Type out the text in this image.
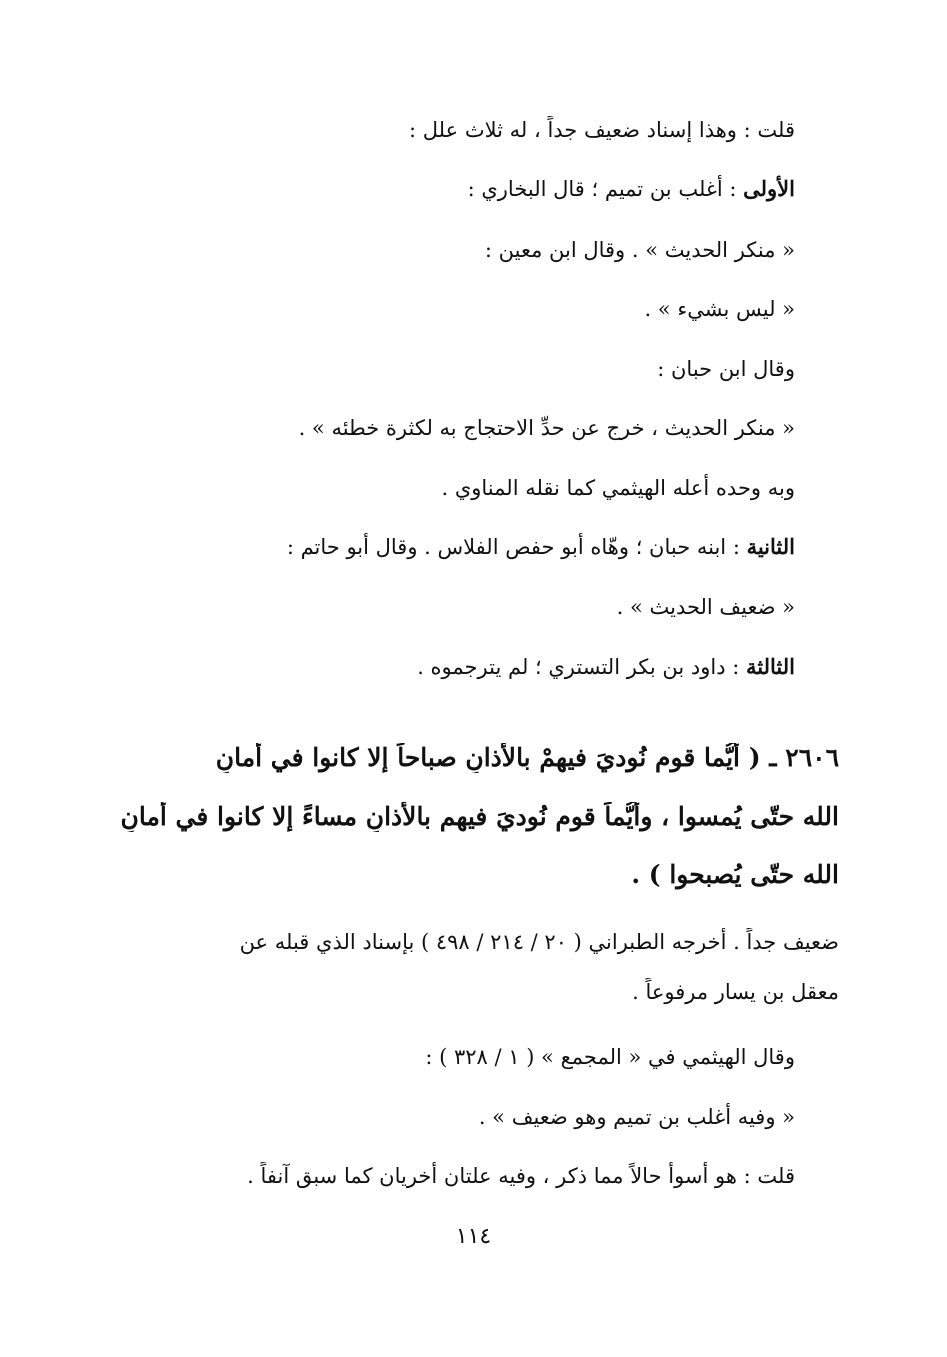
قلت : وهذا إسناد ضعيف جداً ، له ثلاث علل :
الأولى : أغلب بن تميم ؛ قال البخاري :
« منكر الحديث » . وقال ابن معين :
« ليس بشيء » .
وقال ابن حبان :
« منكر الحديث ، خرج عن حدِّ الاحتجاج به لكثرة خطئه » .
وبه وحده أعله الهيثمي كما نقله المناوي .
الثانية : ابنه حبان ؛ وهّاه أبو حفص الفلاس . وقال أبو حاتم :
« ضعيف الحديث » .
الثالثة : داود بن بكر التستري ؛ لم يترجموه .
٢٦٠٦ ـ ( أَيُّما قومٍ نُوديَ فيهِمْ بالأذانِ صباحاً إلا كانوا في أمانِ
الله حتّى يُمسوا ، وأيُّماً قومٍ نُوديَ فيهِم بالأذانِ مساءً إلا كانوا في أمانِ
الله حتّى يُصبحوا ) .
ضعيف جداً . أخرجه الطبراني ( ٢٠ / ٢١٤ / ٤٩٨ ) بإسناد الذي قبله عن
معقل بن يسار مرفوعاً .
وقال الهيثمي في « المجمع » ( ١ / ٣٢٨ ) :
« وفيه أغلب بن تميم وهو ضعيف » .
قلت : هو أسوأ حالاً مما ذكر ، وفيه علتان أخريان كما سبق آنفاً .
١١٤
